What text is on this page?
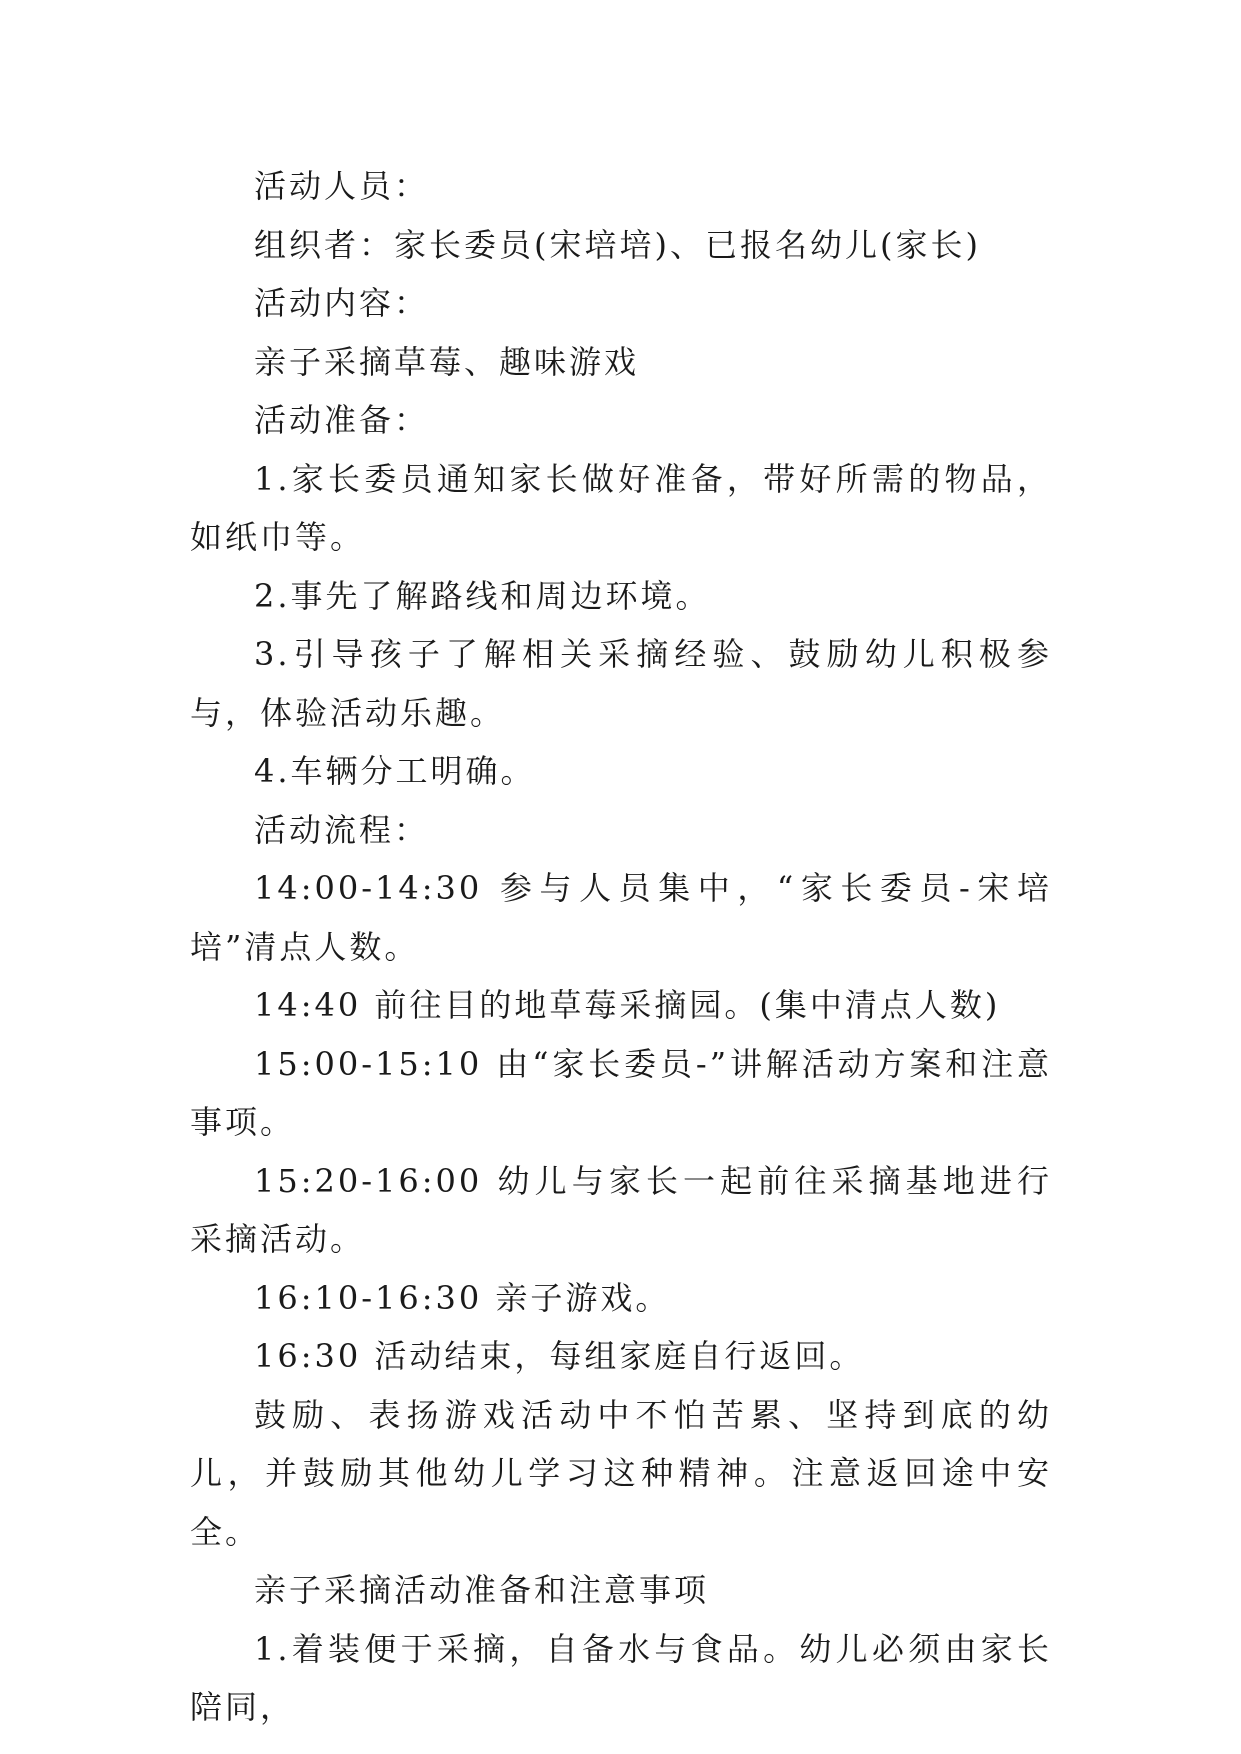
活动人员：

组织者：家长委员(宋培培)、已报名幼儿(家长)

活动内容：

亲子采摘草莓、趣味游戏

活动准备：

1.家长委员通知家长做好准备，带好所需的物品，如纸巾等。

2.事先了解路线和周边环境。

3.引导孩子了解相关采摘经验、鼓励幼儿积极参与，体验活动乐趣。

4.车辆分工明确。

活动流程：

14:00-14:30 参与人员集中，“家长委员-宋培培”清点人数。

14:40 前往目的地草莓采摘园。(集中清点人数)

15:00-15:10 由“家长委员-”讲解活动方案和注意事项。

15:20-16:00 幼儿与家长一起前往采摘基地进行采摘活动。

16:10-16:30 亲子游戏。

16:30 活动结束，每组家庭自行返回。

鼓励、表扬游戏活动中不怕苦累、坚持到底的幼儿，并鼓励其他幼儿学习这种精神。注意返回途中安全。

亲子采摘活动准备和注意事项

1.着装便于采摘，自备水与食品。幼儿必须由家长陪同，
